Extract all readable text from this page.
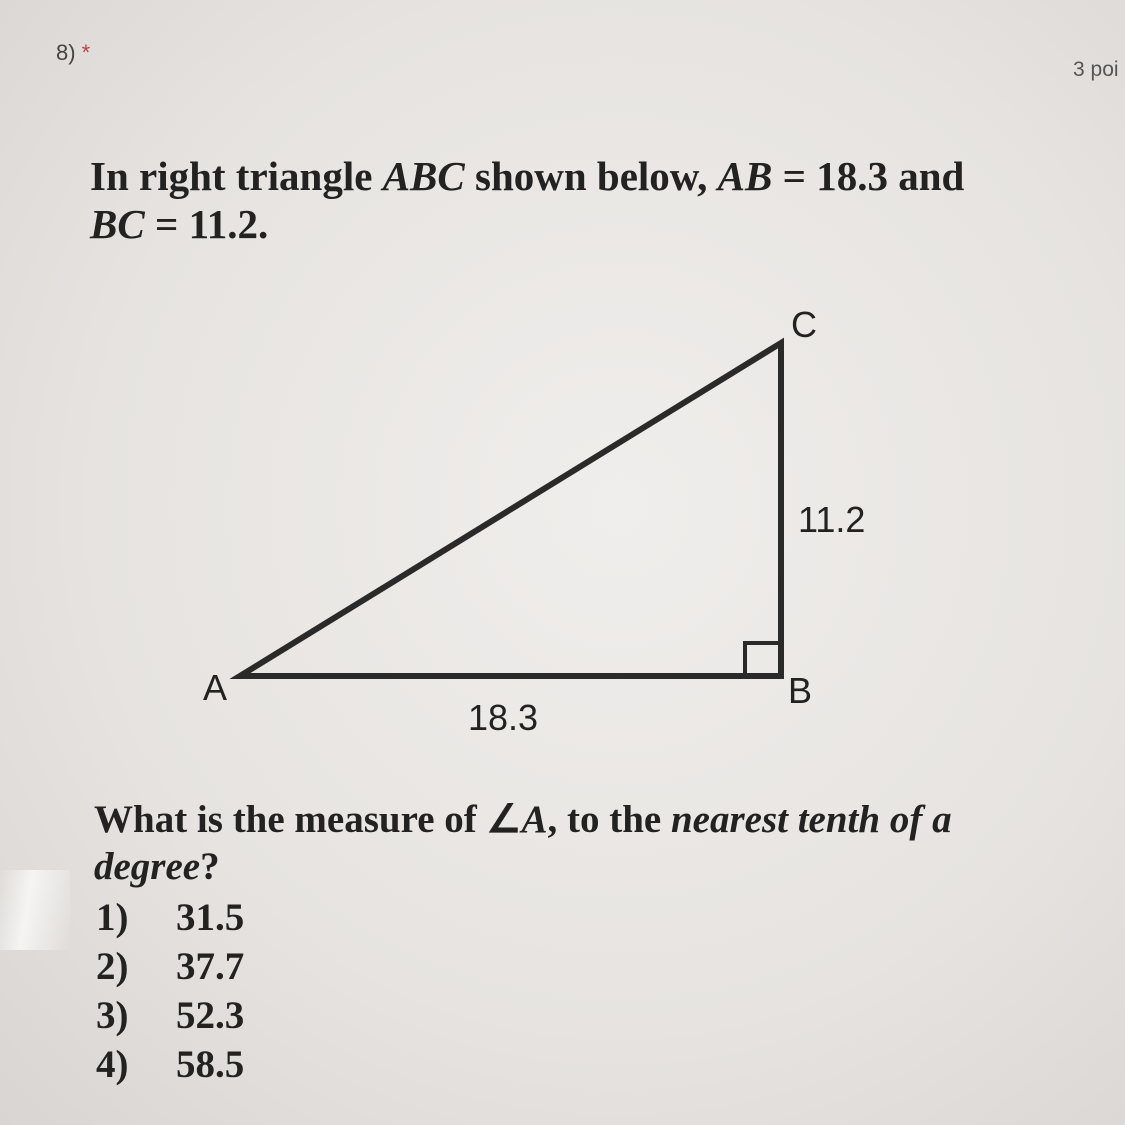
8) *
3 poi
In right triangle ABC shown below, AB = 18.3 and
BC = 11.2.
A	B
C
18.3
11.2
What is the measure of ∠A, to the nearest tenth of a degree?
1)	31.5
2)	37.7
3)	52.3
4)	58.5
